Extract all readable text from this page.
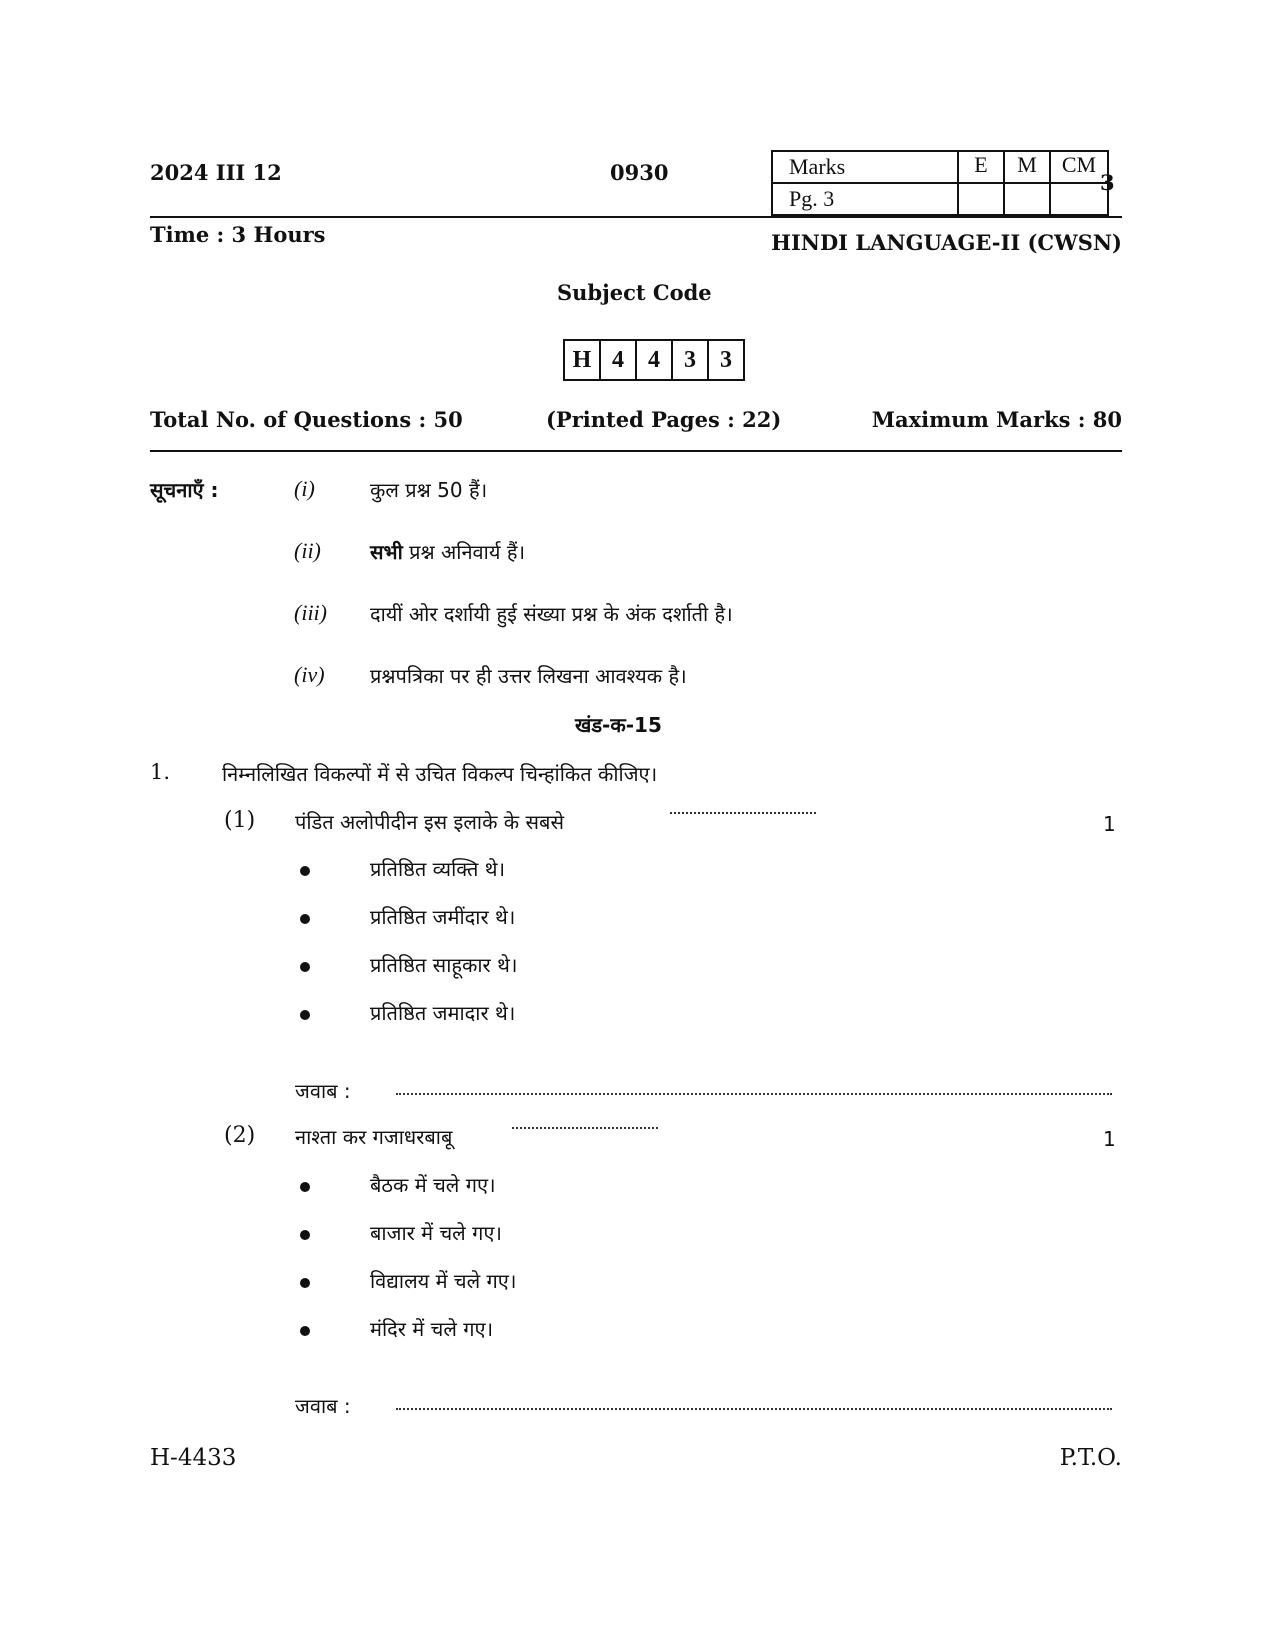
2024 III 12	0930	Marks	E	M	CM
Pg. 3			
3
Time : 3 Hours	HINDI LANGUAGE-II (CWSN)
Subject Code
H	4	4	3	3
Total No. of Questions : 50	(Printed Pages : 22)	Maximum Marks : 80
सूचनाएँ :	(i)	कुल प्रश्न 50 हैं।
(ii) सभी प्रश्न अनिवार्य हैं।
(iii) दायीं ओर दर्शायी हुई संख्या प्रश्न के अंक दर्शाती है।
(iv) प्रश्नपत्रिका पर ही उत्तर लिखना आवश्यक है।
खंड-क-15
1.	निम्नलिखित विकल्पों में से उचित विकल्प चिन्हांकित कीजिए।
(1) पंडित अलोपीदीन इस इलाके के सबसे	1
प्रतिष्ठित व्यक्ति थे।
प्रतिष्ठित जमींदार थे।
प्रतिष्ठित साहूकार थे।
प्रतिष्ठित जमादार थे।
जवाब :
(2) नाश्ता कर गजाधरबाबू	1
बैठक में चले गए।
बाजार में चले गए।
विद्यालय में चले गए।
मंदिर में चले गए।
जवाब :
H-4433	P.T.O.
